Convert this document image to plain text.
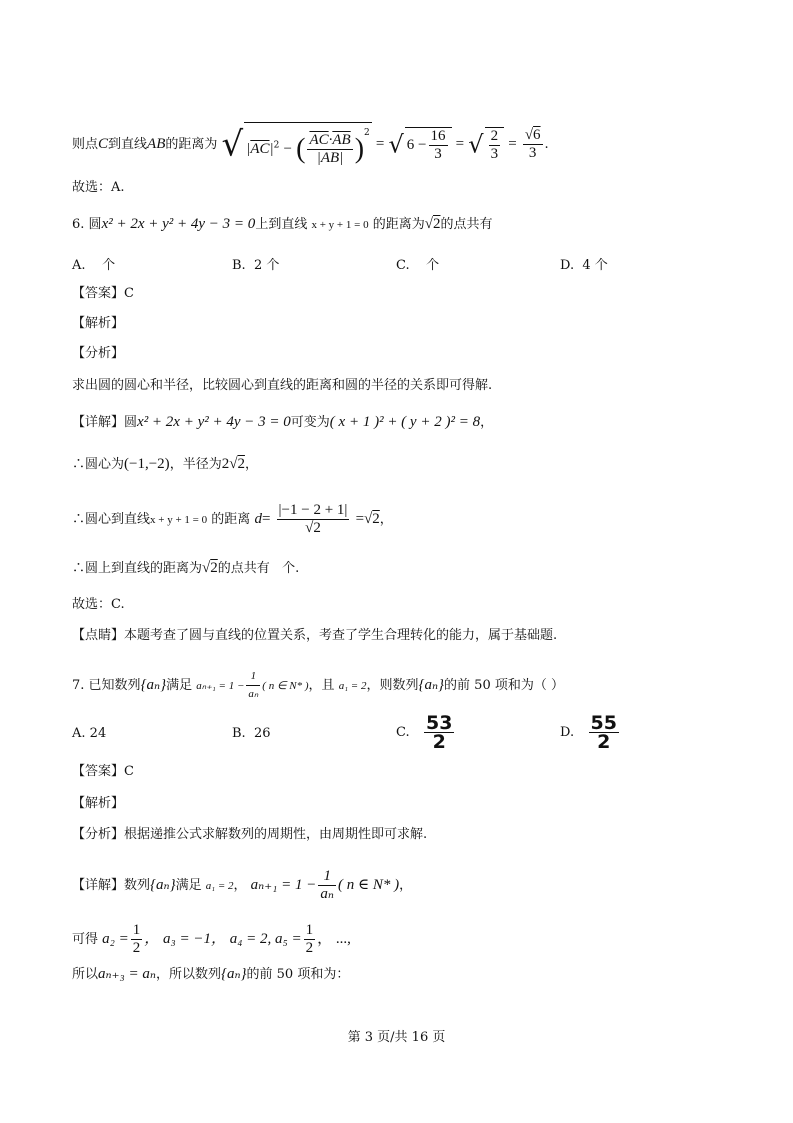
则点C到直线AB的距离为 √ $|\overline{AC}|^2$ − ( $\frac{\overline{AC}\cdot\overline{AB}}{|\overline{AB}|} )^2$ = √ $6 - \frac{16}{3}$ = √ $\frac{2}{3} = \frac{√6}{3}$ .
故选：A.
6. 圆x² + 2x + y² + 4y − 3 = 0上到直线 x + y + 1 = 0 的距离为√2的点共有
A. 个	B. 2 个	C. 个	D. 4 个
【答案】C
【解析】
【分析】
求出圆的圆心和半径，比较圆心到直线的距离和圆的半径的关系即可得解.
【详解】圆x² + 2x + y² + 4y − 3 = 0可变为( x + 1 )² + ( y + 2 )² = 8，
∴圆心为(−1,−2)，半径为2√2，
∴圆心到直线x + y + 1 = 0 的距离 $d= \frac{|-1 - 2 + 1|}{√2} =√2$，
∴圆上到直线的距离为√2的点共有 个.
故选：C.
【点睛】本题考查了圆与直线的位置关系，考查了学生合理转化的能力，属于基础题.
7. 已知数列{aₙ}满足 $a_{n+1} = 1 - \frac{1}{\text{aₙ}}$ ( n ∈ N* )，且 a₁ = 2，则数列{aₙ}的前 50 项和为（ ）
A. 24	B. 26	C. $\frac{53}{2}$	D. $\frac{55}{2}$
【答案】C
【解析】
【分析】根据递推公式求解数列的周期性，由周期性即可求解.
【详解】数列{aₙ}满足 a₁ = 2， $a_{n+1} = 1 - \frac{1}{\text{aₙ}}$ ( n ∈ N* )，
可得 $a_2 = \frac{1}{2}$ ， a₃ = −1， a₄ = 2, $a_5 = \frac{1}{2}$ ， ...,
所以aₙ₊₃ = aₙ，所以数列{aₙ}的前 50 项和为：
第 3 页/共 16 页
